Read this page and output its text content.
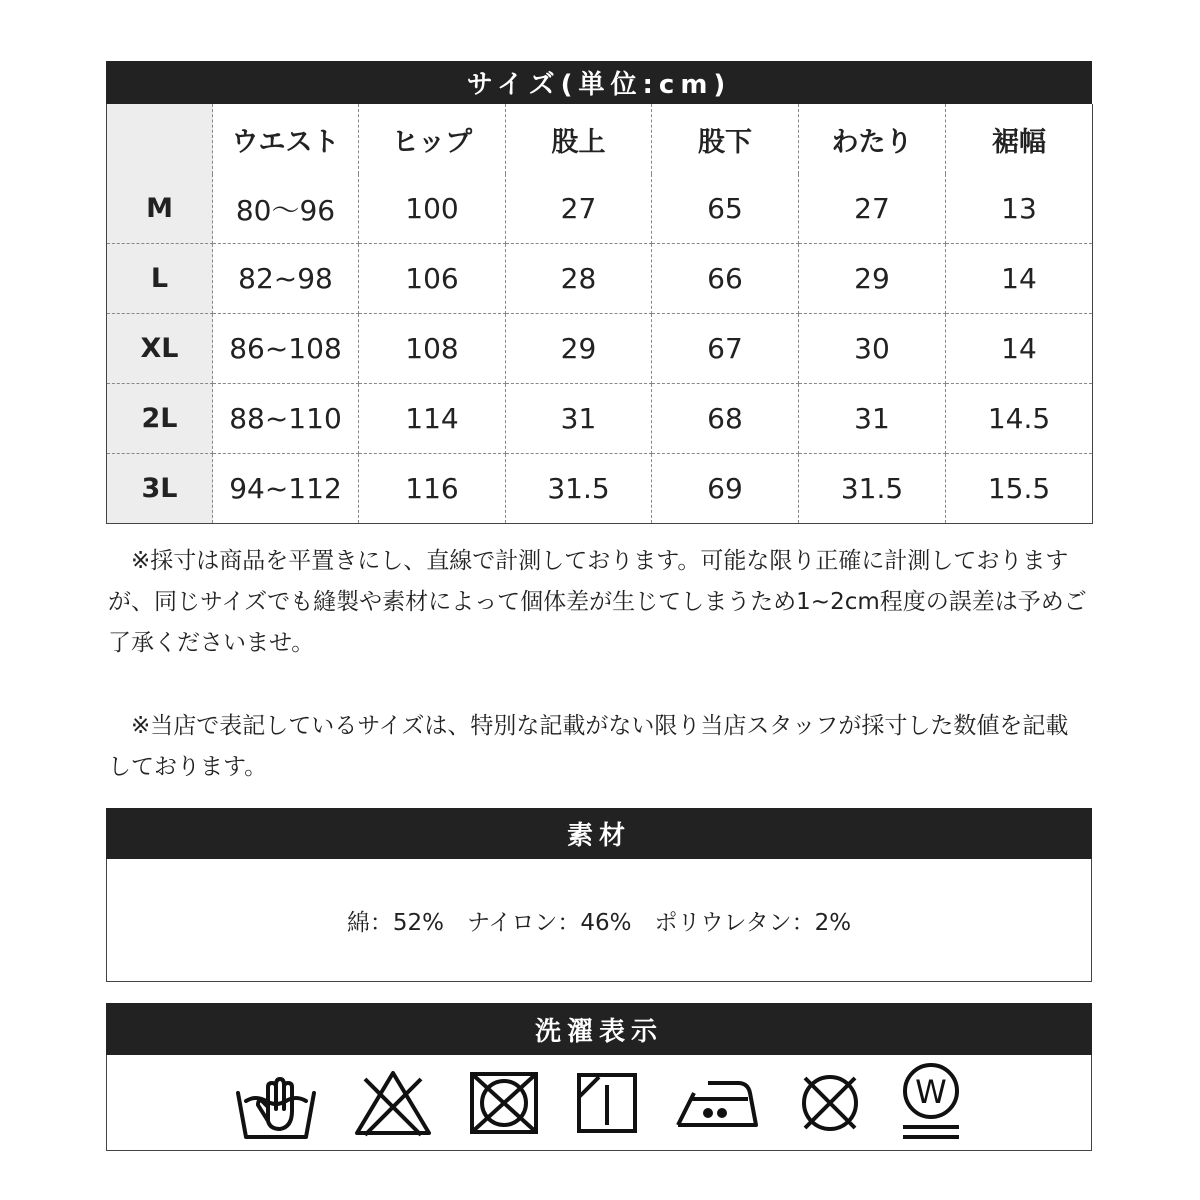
サイズ(単位:cm)
	ウエスト	ヒップ	股上	股下	わたり	裾幅
M	80〜96	100	27	65	27	13
L	82~98	106	28	66	29	14
XL	86~108	108	29	67	30	14
2L	88~110	114	31	68	31	14.5
3L	94~112	116	31.5	69	31.5	15.5
　※採寸は商品を平置きにし、直線で計測しております。可能な限り正確に計測しておりますが、同じサイズでも縫製や素材によって個体差が生じてしまうため1~2cm程度の誤差は予めご了承くださいませ。
　※当店で表記しているサイズは、特別な記載がない限り当店スタッフが採寸した数値を記載しております。
素材
綿：52%　ナイロン：46%　ポリウレタン：2%
洗濯表示
W
